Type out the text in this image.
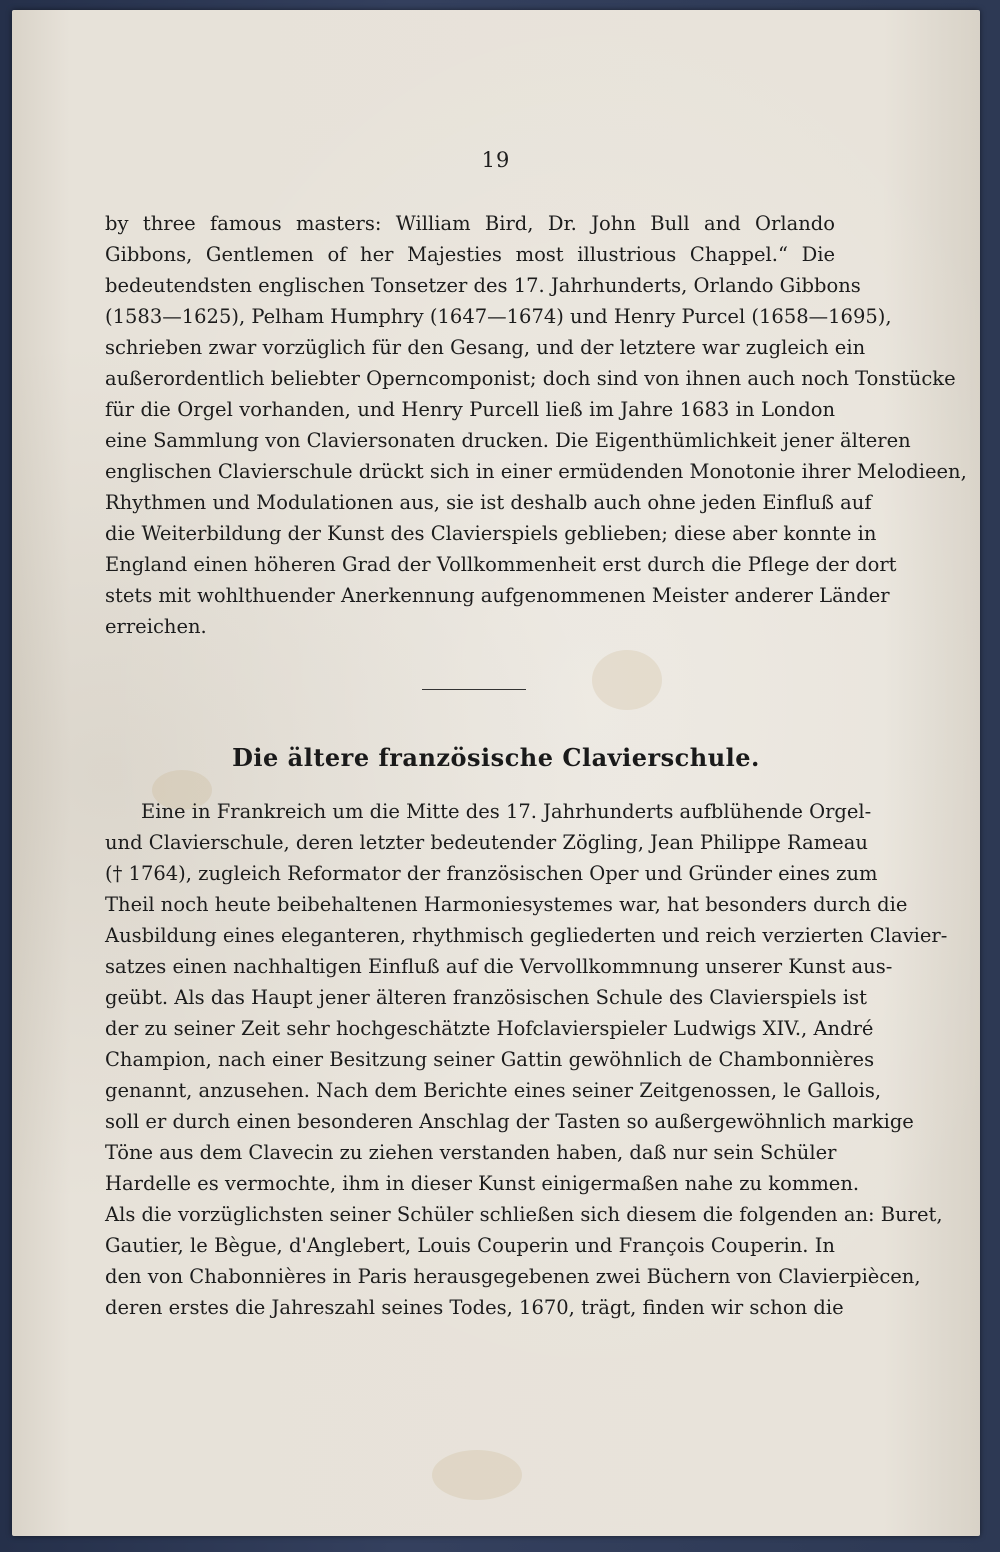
19
by three famous masters: William Bird, Dr. John Bull and Orlando
Gibbons, Gentlemen of her Majesties most illustrious Chappel.“ Die
bedeutendsten englischen Tonsetzer des 17. Jahrhunderts, Orlando Gibbons
(1583—1625), Pelham Humphry (1647—1674) und Henry Purcel (1658—1695),
schrieben zwar vorzüglich für den Gesang, und der letztere war zugleich ein
außerordentlich beliebter Operncomponist; doch sind von ihnen auch noch Tonstücke
für die Orgel vorhanden, und Henry Purcell ließ im Jahre 1683 in London
eine Sammlung von Claviersonaten drucken. Die Eigenthümlichkeit jener älteren
englischen Clavierschule drückt sich in einer ermüdenden Monotonie ihrer Melodieen,
Rhythmen und Modulationen aus, sie ist deshalb auch ohne jeden Einfluß auf
die Weiterbildung der Kunst des Clavierspiels geblieben; diese aber konnte in
England einen höheren Grad der Vollkommenheit erst durch die Pflege der dort
stets mit wohlthuender Anerkennung aufgenommenen Meister anderer Länder
erreichen.
Die ältere französische Clavierschule.
Eine in Frankreich um die Mitte des 17. Jahrhunderts aufblühende Orgel-
und Clavierschule, deren letzter bedeutender Zögling, Jean Philippe Rameau
(† 1764), zugleich Reformator der französischen Oper und Gründer eines zum
Theil noch heute beibehaltenen Harmoniesystemes war, hat besonders durch die
Ausbildung eines eleganteren, rhythmisch gegliederten und reich verzierten Clavier-
satzes einen nachhaltigen Einfluß auf die Vervollkommnung unserer Kunst aus-
geübt. Als das Haupt jener älteren französischen Schule des Clavierspiels ist
der zu seiner Zeit sehr hochgeschätzte Hofclavierspieler Ludwigs XIV., André
Champion, nach einer Besitzung seiner Gattin gewöhnlich de Chambonnières
genannt, anzusehen. Nach dem Berichte eines seiner Zeitgenossen, le Gallois,
soll er durch einen besonderen Anschlag der Tasten so außergewöhnlich markige
Töne aus dem Clavecin zu ziehen verstanden haben, daß nur sein Schüler
Hardelle es vermochte, ihm in dieser Kunst einigermaßen nahe zu kommen.
Als die vorzüglichsten seiner Schüler schließen sich diesem die folgenden an: Buret,
Gautier, le Bègue, d'Anglebert, Louis Couperin und François Couperin. In
den von Chabonnières in Paris herausgegebenen zwei Büchern von Clavierpiècen,
deren erstes die Jahreszahl seines Todes, 1670, trägt, finden wir schon die
